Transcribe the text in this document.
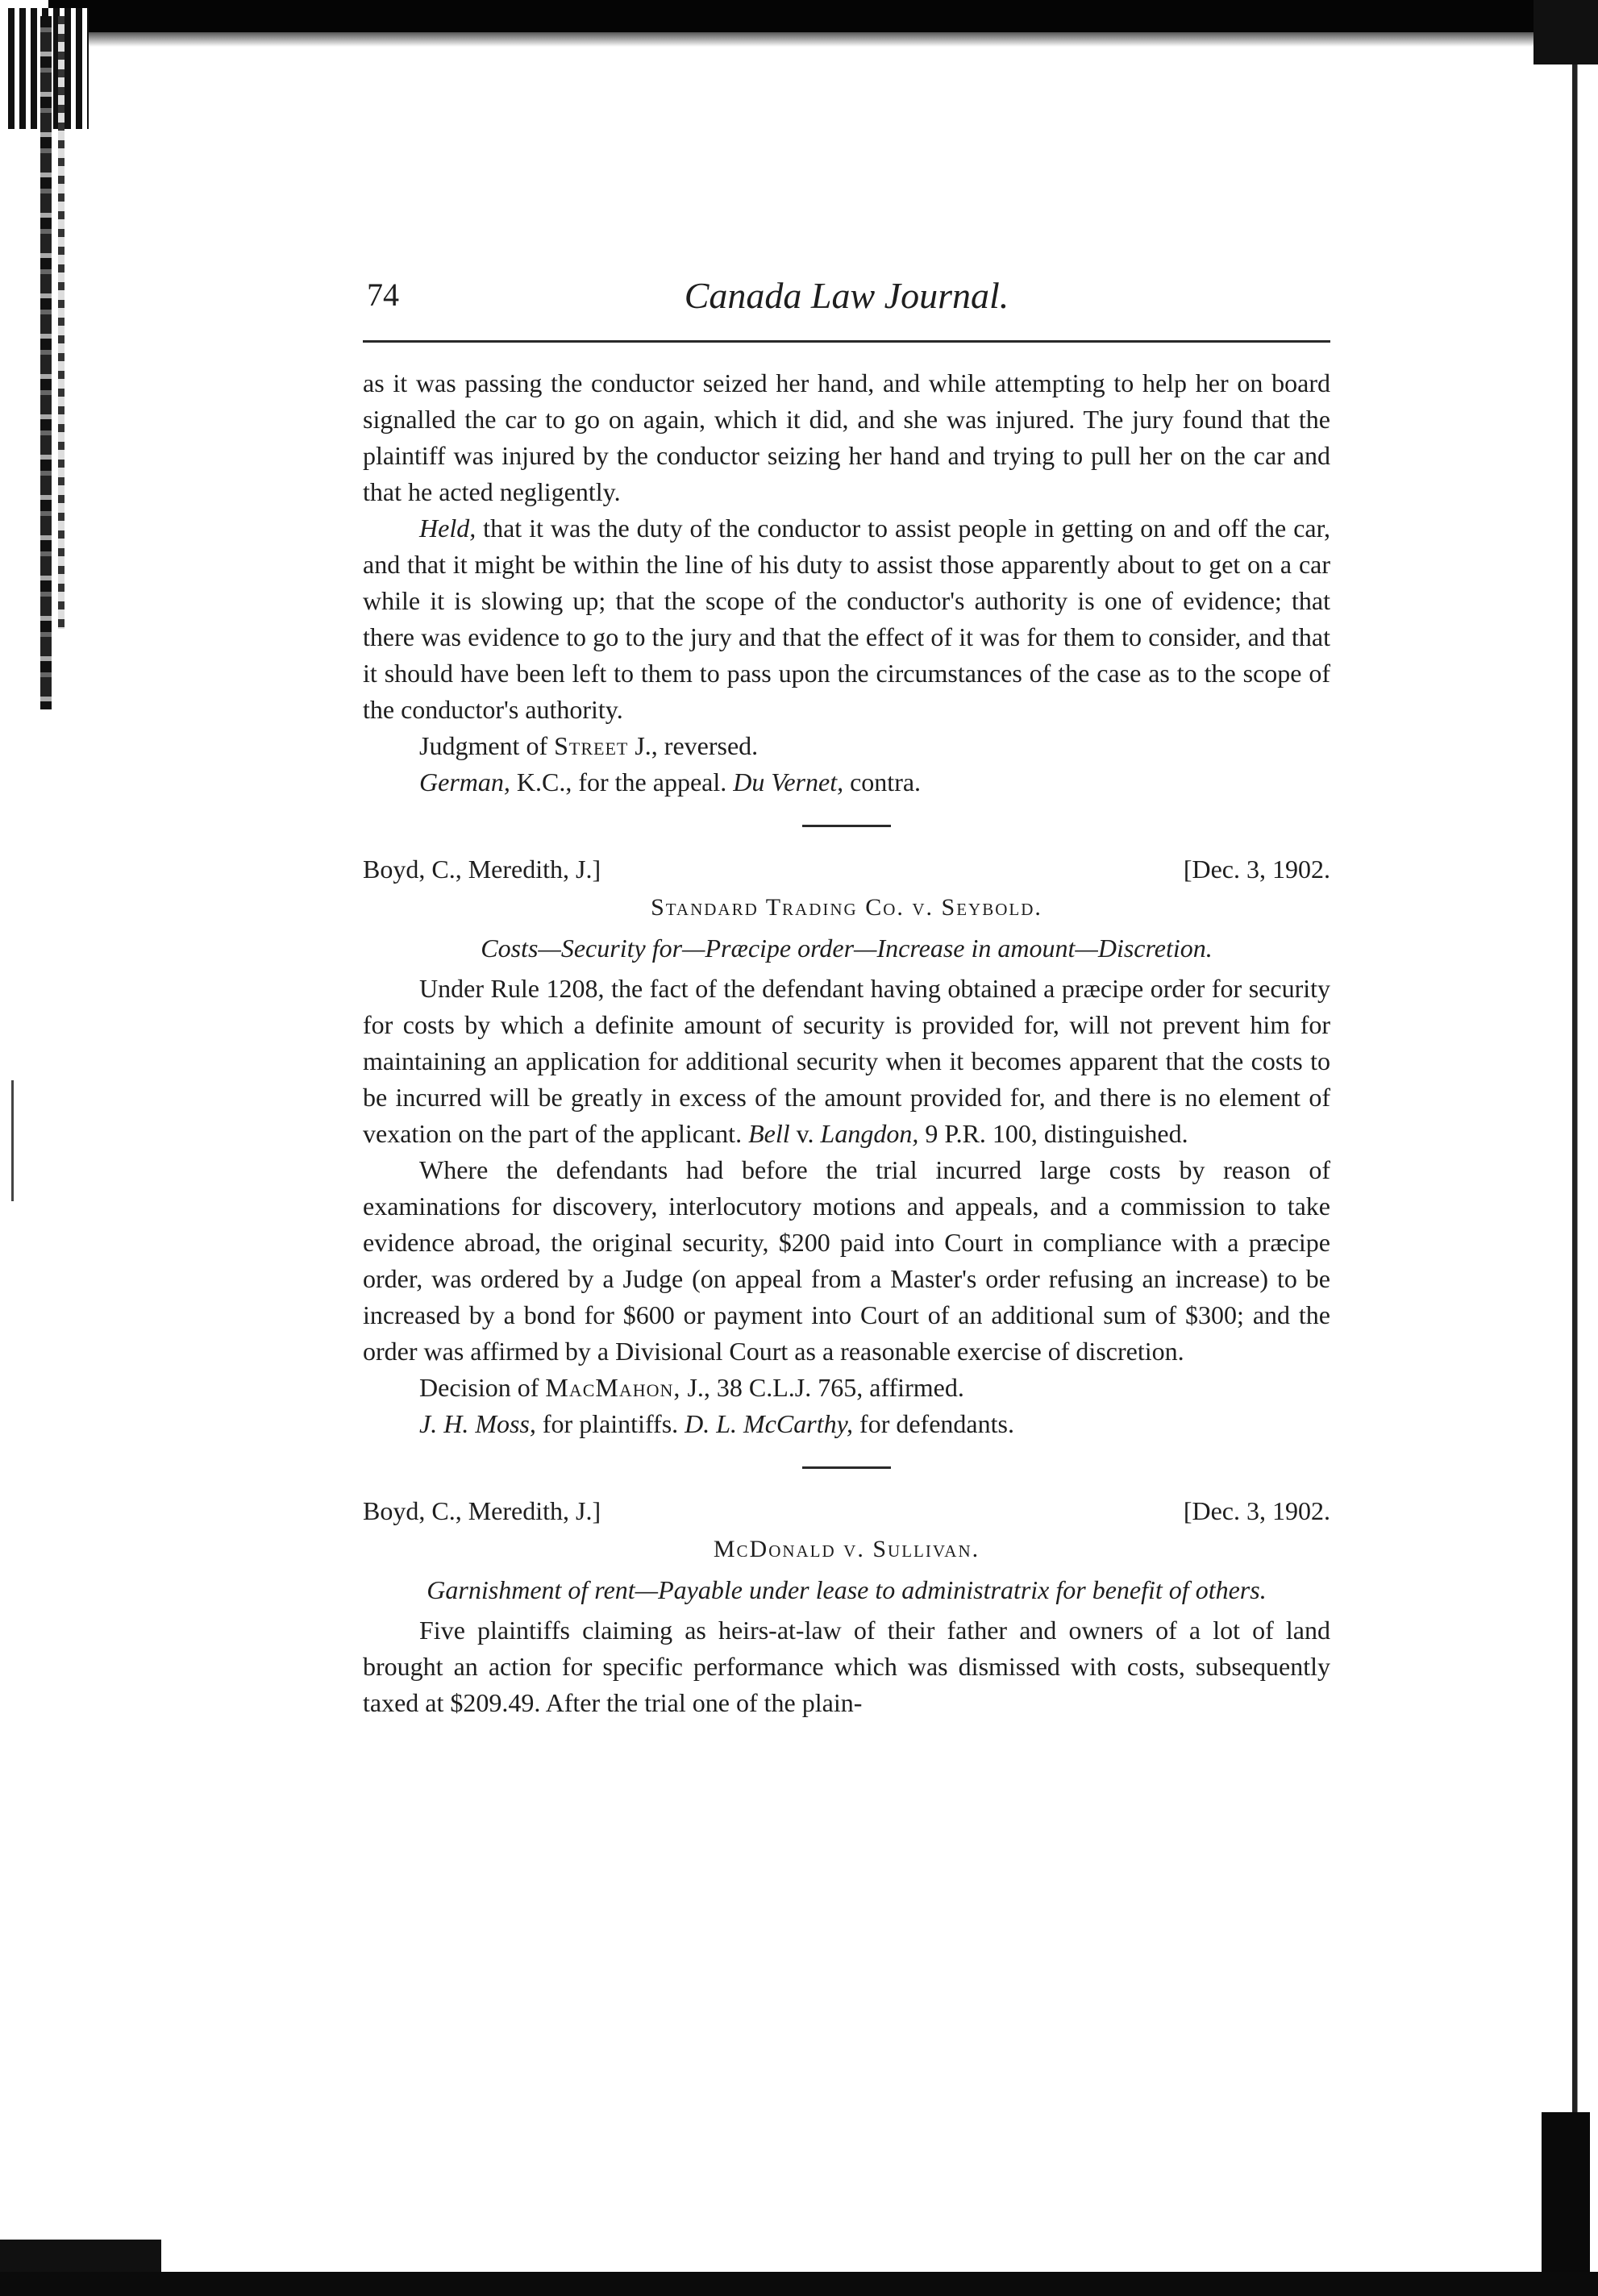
74	Canada Law Journal.

as it was passing the conductor seized her hand, and while attempting to help her on board signalled the car to go on again, which it did, and she was injured. The jury found that the plaintiff was injured by the conductor seizing her hand and trying to pull her on the car and that he acted negligently.

Held, that it was the duty of the conductor to assist people in getting on and off the car, and that it might be within the line of his duty to assist those apparently about to get on a car while it is slowing up; that the scope of the conductor's authority is one of evidence; that there was evidence to go to the jury and that the effect of it was for them to consider, and that it should have been left to them to pass upon the circumstances of the case as to the scope of the conductor's authority.

Judgment of Street J., reversed.

German, K.C., for the appeal. Du Vernet, contra.

Boyd, C., Meredith, J.]	[Dec. 3, 1902.
Standard Trading Co. v. Seybold.
Costs—Security for—Præcipe order—Increase in amount—Discretion.

Under Rule 1208, the fact of the defendant having obtained a præcipe order for security for costs by which a definite amount of security is provided for, will not prevent him for maintaining an application for additional security when it becomes apparent that the costs to be incurred will be greatly in excess of the amount provided for, and there is no element of vexation on the part of the applicant. Bell v. Langdon, 9 P.R. 100, distinguished.

Where the defendants had before the trial incurred large costs by reason of examinations for discovery, interlocutory motions and appeals, and a commission to take evidence abroad, the original security, $200 paid into Court in compliance with a præcipe order, was ordered by a Judge (on appeal from a Master's order refusing an increase) to be increased by a bond for $600 or payment into Court of an additional sum of $300; and the order was affirmed by a Divisional Court as a reasonable exercise of discretion.

Decision of MacMahon, J., 38 C.L.J. 765, affirmed.

J. H. Moss, for plaintiffs. D. L. McCarthy, for defendants.

Boyd, C., Meredith, J.]	[Dec. 3, 1902.
McDonald v. Sullivan.
Garnishment of rent—Payable under lease to administratrix for benefit of others.

Five plaintiffs claiming as heirs-at-law of their father and owners of a lot of land brought an action for specific performance which was dismissed with costs, subsequently taxed at $209.49. After the trial one of the plain-
